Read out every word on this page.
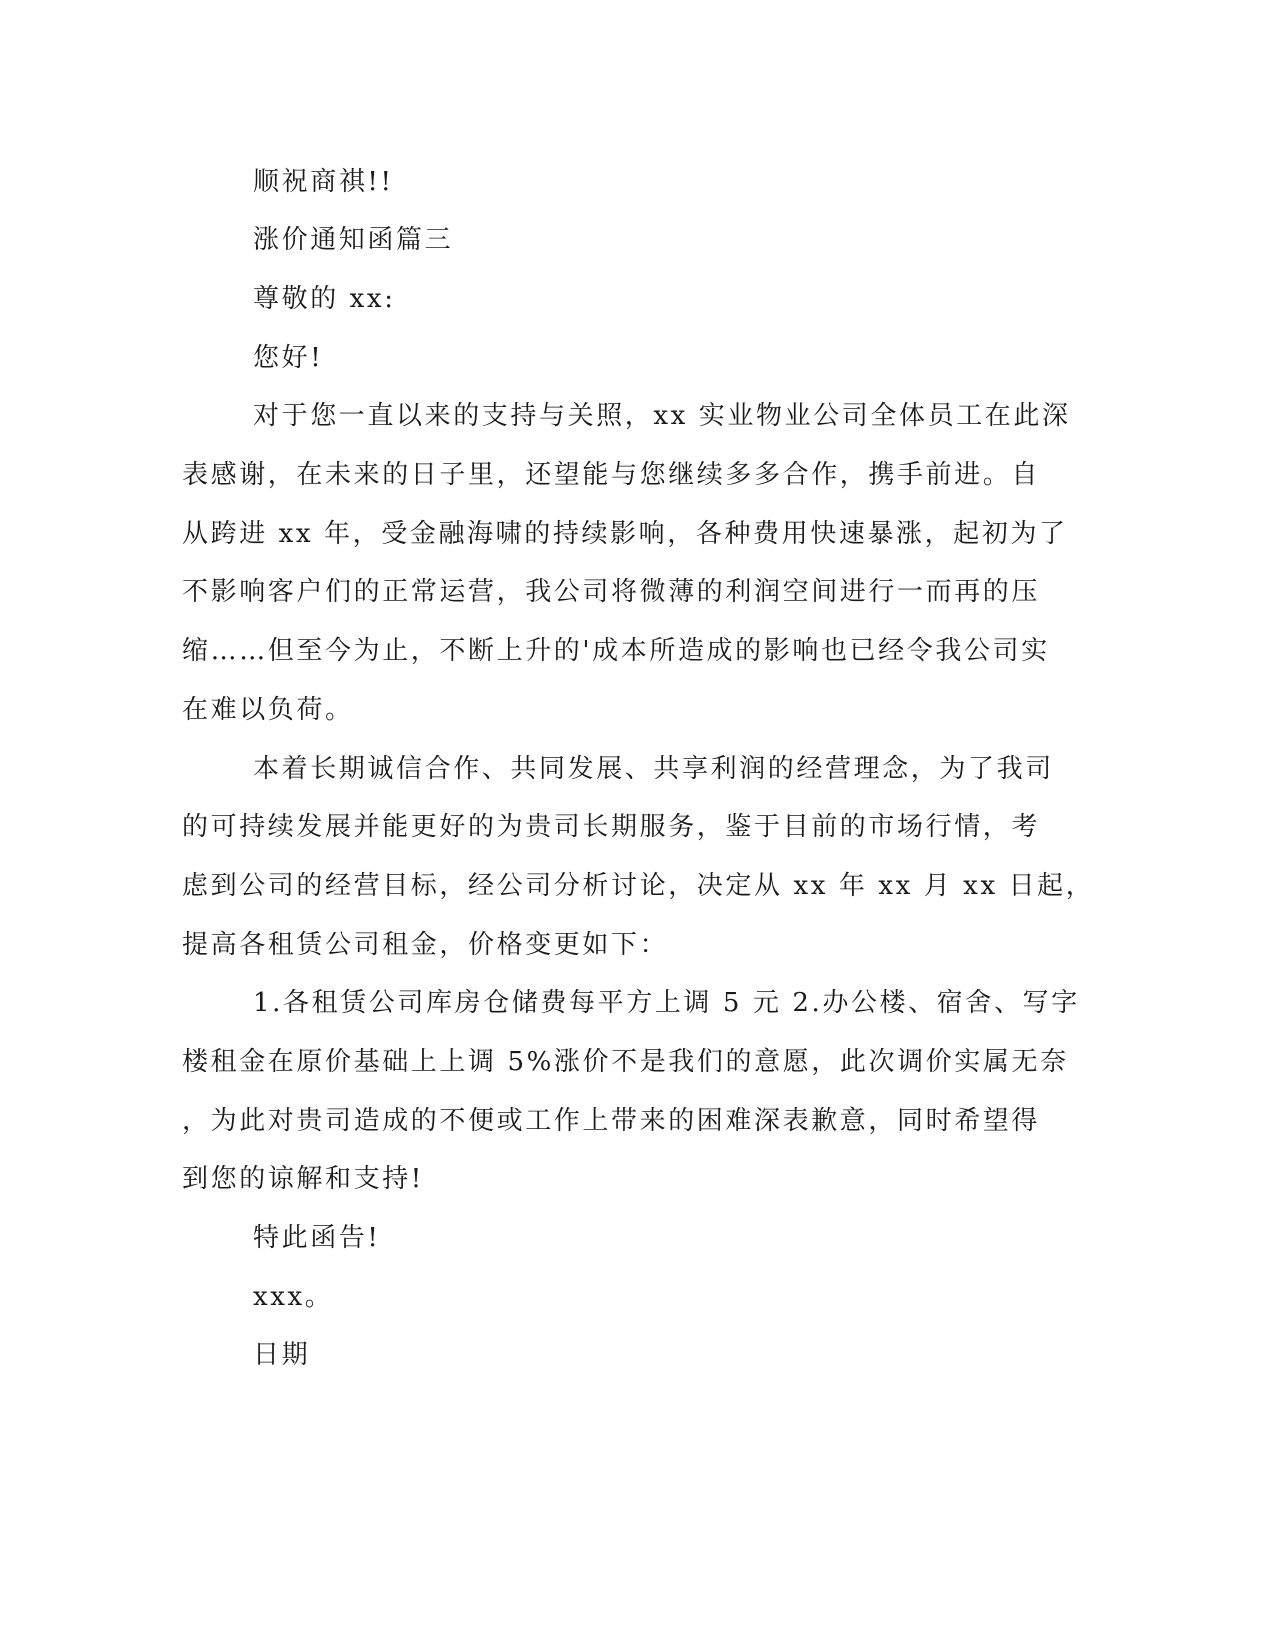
顺祝商祺!!
涨价通知函篇三
尊敬的 xx:
您好!
对于您一直以来的支持与关照，xx 实业物业公司全体员工在此深
表感谢，在未来的日子里，还望能与您继续多多合作，携手前进。自
从跨进 xx 年，受金融海啸的持续影响，各种费用快速暴涨，起初为了
不影响客户们的正常运营，我公司将微薄的利润空间进行一而再的压
缩……但至今为止，不断上升的'成本所造成的影响也已经令我公司实
在难以负荷。
本着长期诚信合作、共同发展、共享利润的经营理念，为了我司
的可持续发展并能更好的为贵司长期服务，鉴于目前的市场行情，考
虑到公司的经营目标，经公司分析讨论，决定从 xx 年 xx 月 xx 日起，
提高各租赁公司租金，价格变更如下：
1.各租赁公司库房仓储费每平方上调 5 元 2.办公楼、宿舍、写字
楼租金在原价基础上上调 5%涨价不是我们的意愿，此次调价实属无奈
，为此对贵司造成的不便或工作上带来的困难深表歉意，同时希望得
到您的谅解和支持!
特此函告!
xxx。
日期
